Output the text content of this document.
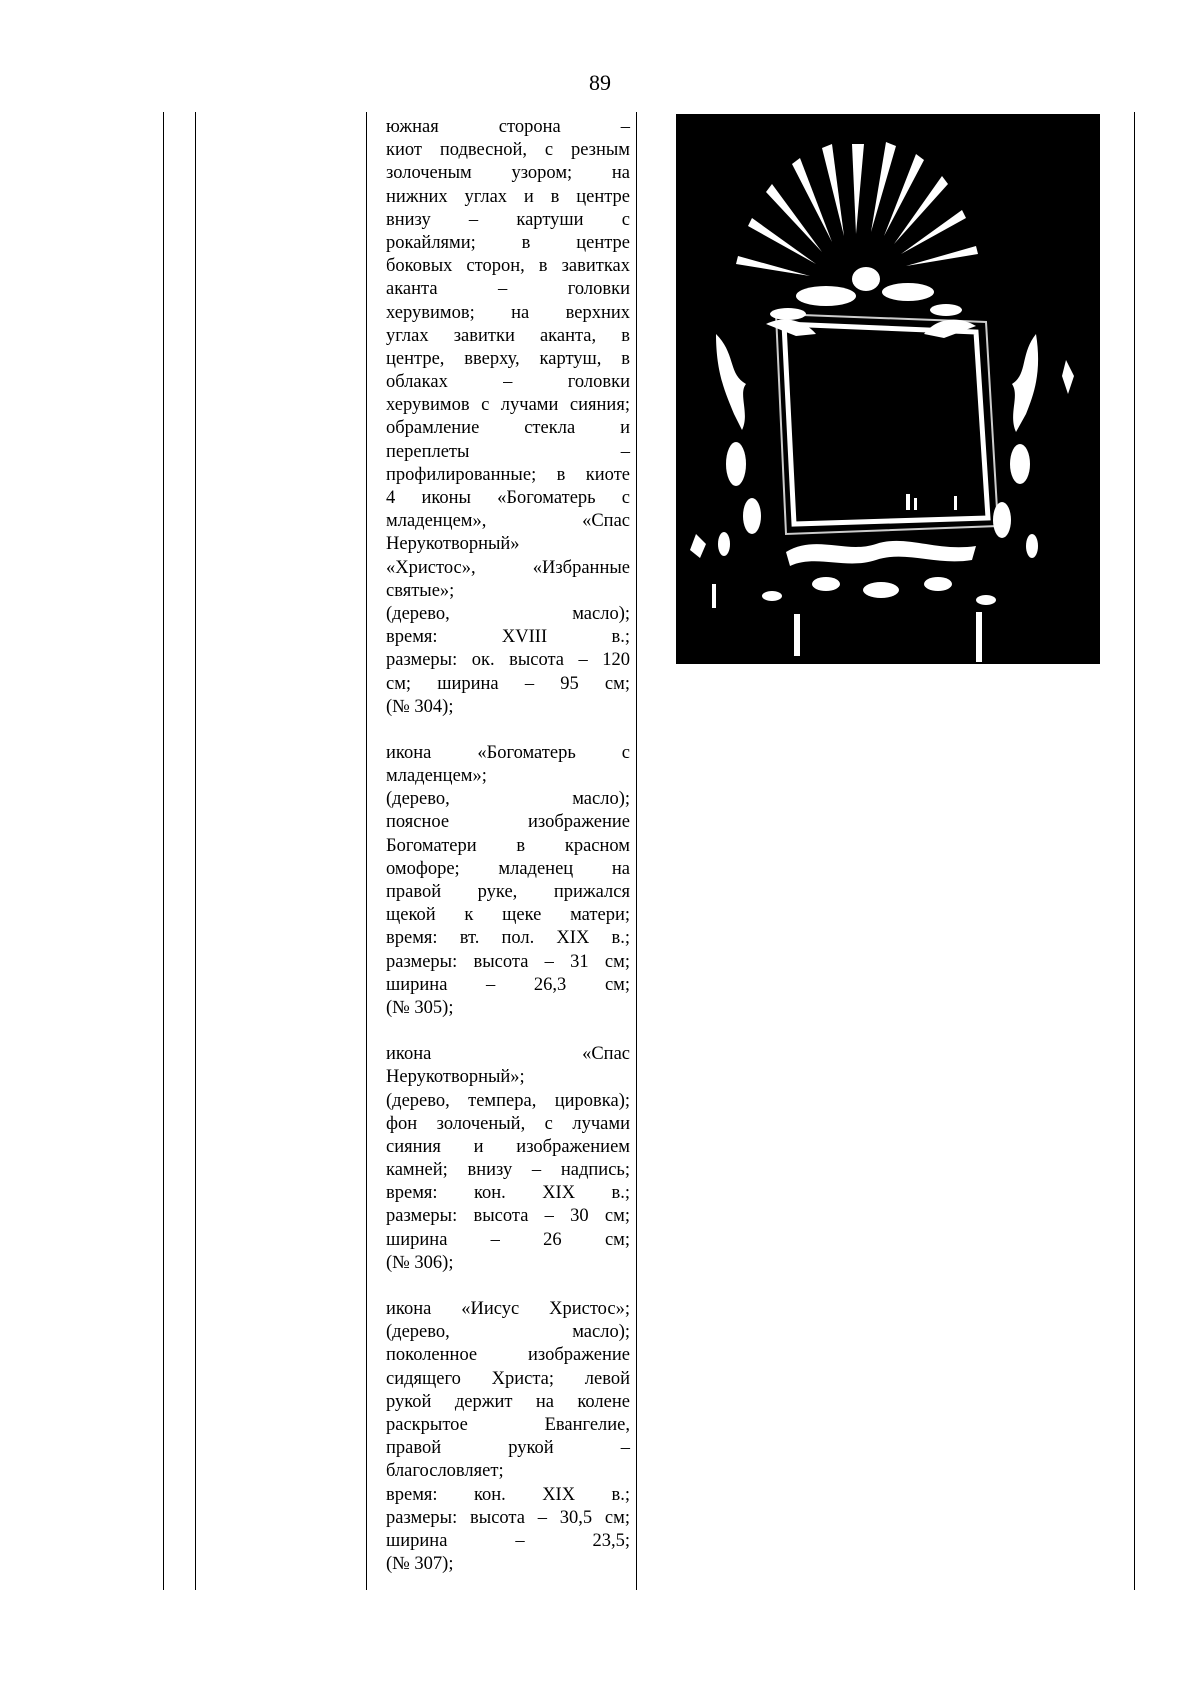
89
южная сторона –
киот подвесной, с резным
золоченым узором; на
нижних углах и в центре
внизу – картуши с
рокайлями; в центре
боковых сторон, в завитках
аканта – головки
херувимов; на верхних
углах завитки аканта, в
центре, вверху, картуш, в
облаках – головки
херувимов с лучами сияния;
обрамление стекла и
переплеты –
профилированные; в киоте
4 иконы «Богоматерь с
младенцем», «Спас
Нерукотворный»
«Христос», «Избранные
святые»;
(дерево, масло);
время: XVIII в.;
размеры: ок. высота – 120
см; ширина – 95 см;
(№ 304);
икона «Богоматерь с
младенцем»;
(дерево, масло);
поясное изображение
Богоматери в красном
омофоре; младенец на
правой руке, прижался
щекой к щеке матери;
время: вт. пол. XIX в.;
размеры: высота – 31 см;
ширина – 26,3 см;
(№ 305);
икона «Спас
Нерукотворный»;
(дерево, темпера, цировка);
фон золоченый, с лучами
сияния и изображением
камней; внизу – надпись;
время: кон. XIX в.;
размеры: высота – 30 см;
ширина – 26 см;
(№ 306);
икона «Иисус Христос»;
(дерево, масло);
поколенное изображение
сидящего Христа; левой
рукой держит на колене
раскрытое Евангелие,
правой рукой –
благословляет;
время: кон. XIX в.;
размеры: высота – 30,5 см;
ширина – 23,5;
(№ 307);
